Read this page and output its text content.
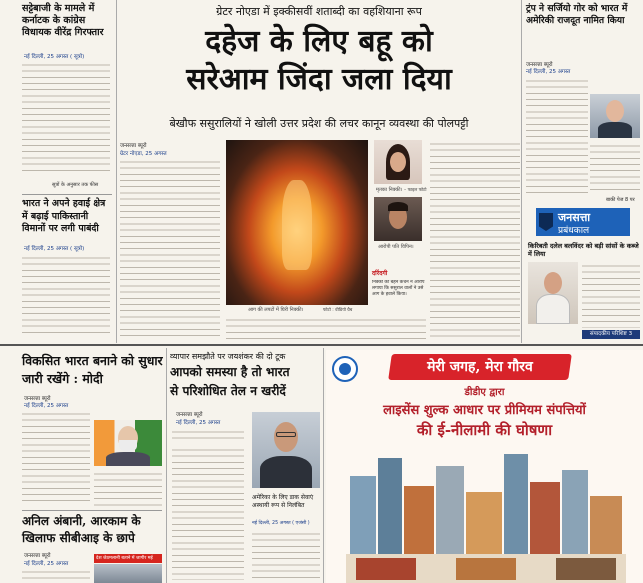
सट्टेबाजी के मामले में कर्नाटक के कांग्रेस विधायक वीरेंद्र गिरफ्तार
नई दिल्ली, 25 अगस्त ( सूत्रो)
सूत्रों के अनुसार तक फीस
भारत ने अपने हवाई क्षेत्र में बढ़ाई पाकिस्तानी विमानों पर लगी पाबंदी
नई दिल्ली, 25 अगस्त ( सूत्रो)
ग्रेटर नोएडा में इक्कीसवीं शताब्दी का वहशियाना रूप
दहेज के लिए बहू को
सरेआम जिंदा जला दिया
बेखौफ ससुरालियों ने खोली उत्तर प्रदेश की लचर कानून व्यवस्था की पोलपट्टी
जनसत्ता ब्यूरो
ग्रेटर नोएडा, 25 अगस्त
आग की लपटों में घिरी निक्की।	फोटो : वीडियो ग्रैब
मृतका निक्की। – फाइल फोटो
आरोपी पति विपिन।
दरिंदगी
निक्की की बहन कंचन ने आरोप लगाया कि ससुराल वालों ने उसे आग के हवाले किया।
ट्रंप ने सर्जियो गोर को भारत में अमेरिकी राजदूत नामित किया
जनसत्ता ब्यूरो
नई दिल्ली, 25 अगस्त
बाकी पेज 8 पर
जनसत्ता
प्रबंधकाल
किरिबती दलेल बलविंदर को बड़ी सांसों के कब्जे में लिया
संपादकीय परिशिष्ट 3
विकसित भारत बनाने को सुधार जारी रखेंगे : मोदी
जनसत्ता ब्यूरो
नई दिल्ली, 25 अगस्त
अनिल अंबानी, आरकाम के खिलाफ सीबीआइ के छापे
जनसत्ता ब्यूरो
नई दिल्ली, 25 अगस्त
देश जेठमलानी बताने में जागीर मई
व्यापार समझौते पर जयशंकर की दो टूक
आपको समस्या है तो भारत
से परिशोधित तेल न खरीदें
जनसत्ता ब्यूरो
नई दिल्ली, 25 अगस्त
अमेरिका के लिए डाक सेवाएं अस्थायी रूप से निलंबित
नई दिल्ली, 25 अगस्त ( एजंसी )
मेरी जगह, मेरा गौरव
डीडीए द्वारा
लाइसेंस शुल्क आधार पर प्रीमियम संपत्तियों
की ई-नीलामी की घोषणा
